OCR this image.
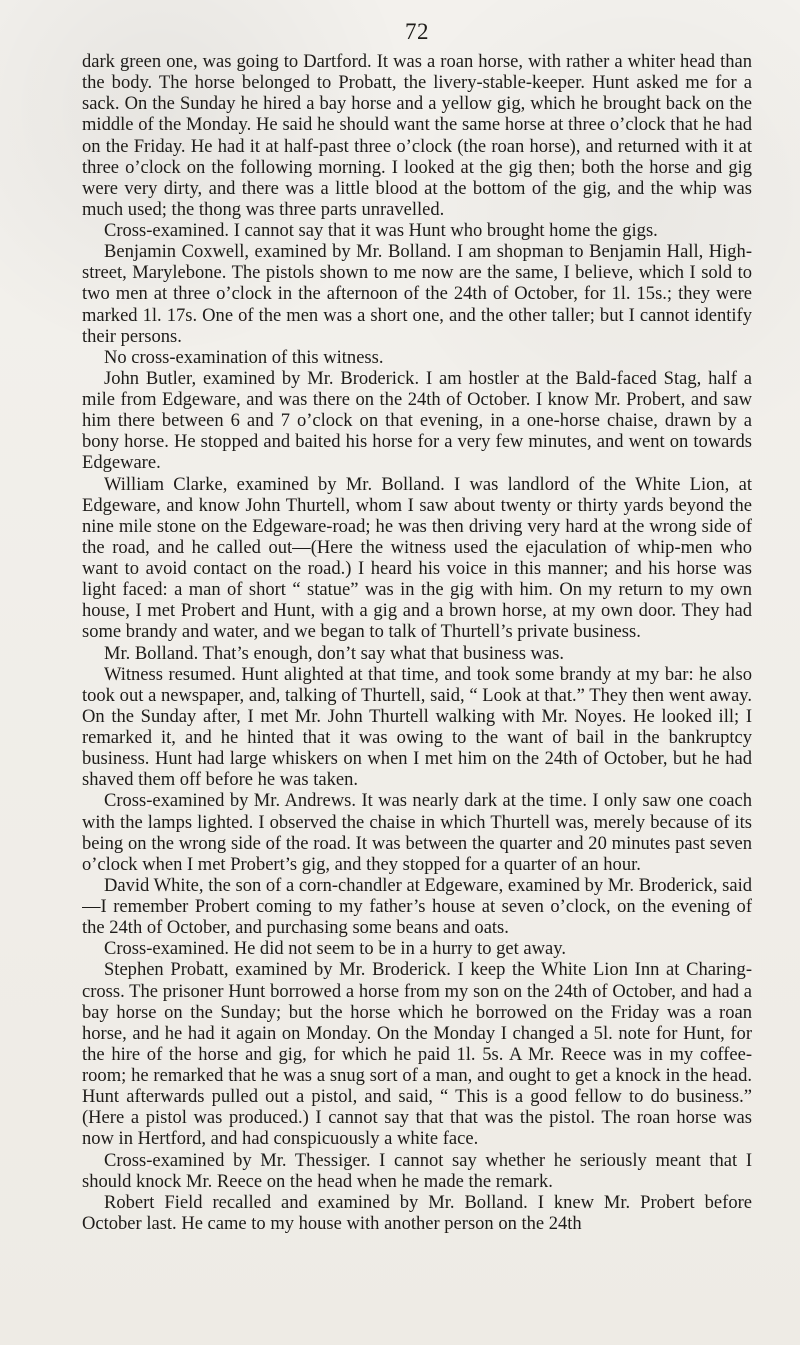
72

dark green one, was going to Dartford. It was a roan horse, with rather a whiter head than the body. The horse belonged to Probatt, the livery-stable-keeper. Hunt asked me for a sack. On the Sunday he hired a bay horse and a yellow gig, which he brought back on the middle of the Monday. He said he should want the same horse at three o’clock that he had on the Friday. He had it at half-past three o’clock (the roan horse), and returned with it at three o’clock on the following morning. I looked at the gig then; both the horse and gig were very dirty, and there was a little blood at the bottom of the gig, and the whip was much used; the thong was three parts unravelled.

Cross-examined. I cannot say that it was Hunt who brought home the gigs.

Benjamin Coxwell, examined by Mr. Bolland. I am shopman to Benjamin Hall, High-street, Marylebone. The pistols shown to me now are the same, I believe, which I sold to two men at three o’clock in the afternoon of the 24th of October, for 1l. 15s.; they were marked 1l. 17s. One of the men was a short one, and the other taller; but I cannot identify their persons.

No cross-examination of this witness.

John Butler, examined by Mr. Broderick. I am hostler at the Bald-faced Stag, half a mile from Edgeware, and was there on the 24th of October. I know Mr. Probert, and saw him there between 6 and 7 o’clock on that evening, in a one-horse chaise, drawn by a bony horse. He stopped and baited his horse for a very few minutes, and went on towards Edgeware.

William Clarke, examined by Mr. Bolland. I was landlord of the White Lion, at Edgeware, and know John Thurtell, whom I saw about twenty or thirty yards beyond the nine mile stone on the Edgeware-road; he was then driving very hard at the wrong side of the road, and he called out—(Here the witness used the ejaculation of whip-men who want to avoid contact on the road.) I heard his voice in this manner; and his horse was light faced: a man of short “ statue” was in the gig with him. On my return to my own house, I met Probert and Hunt, with a gig and a brown horse, at my own door. They had some brandy and water, and we began to talk of Thurtell’s private business.

Mr. Bolland. That’s enough, don’t say what that business was.

Witness resumed. Hunt alighted at that time, and took some brandy at my bar: he also took out a newspaper, and, talking of Thurtell, said, “ Look at that.” They then went away. On the Sunday after, I met Mr. John Thurtell walking with Mr. Noyes. He looked ill; I remarked it, and he hinted that it was owing to the want of bail in the bankruptcy business. Hunt had large whiskers on when I met him on the 24th of October, but he had shaved them off before he was taken.

Cross-examined by Mr. Andrews. It was nearly dark at the time. I only saw one coach with the lamps lighted. I observed the chaise in which Thurtell was, merely because of its being on the wrong side of the road. It was between the quarter and 20 minutes past seven o’clock when I met Probert’s gig, and they stopped for a quarter of an hour.

David White, the son of a corn-chandler at Edgeware, examined by Mr. Broderick, said—I remember Probert coming to my father’s house at seven o’clock, on the evening of the 24th of October, and purchasing some beans and oats.

Cross-examined. He did not seem to be in a hurry to get away.

Stephen Probatt, examined by Mr. Broderick. I keep the White Lion Inn at Charing-cross. The prisoner Hunt borrowed a horse from my son on the 24th of October, and had a bay horse on the Sunday; but the horse which he borrowed on the Friday was a roan horse, and he had it again on Monday. On the Monday I changed a 5l. note for Hunt, for the hire of the horse and gig, for which he paid 1l. 5s. A Mr. Reece was in my coffee-room; he remarked that he was a snug sort of a man, and ought to get a knock in the head. Hunt afterwards pulled out a pistol, and said, “ This is a good fellow to do business.” (Here a pistol was produced.) I cannot say that that was the pistol. The roan horse was now in Hertford, and had conspicuously a white face.

Cross-examined by Mr. Thessiger. I cannot say whether he seriously meant that I should knock Mr. Reece on the head when he made the remark.

Robert Field recalled and examined by Mr. Bolland. I knew Mr. Probert before October last. He came to my house with another person on the 24th
